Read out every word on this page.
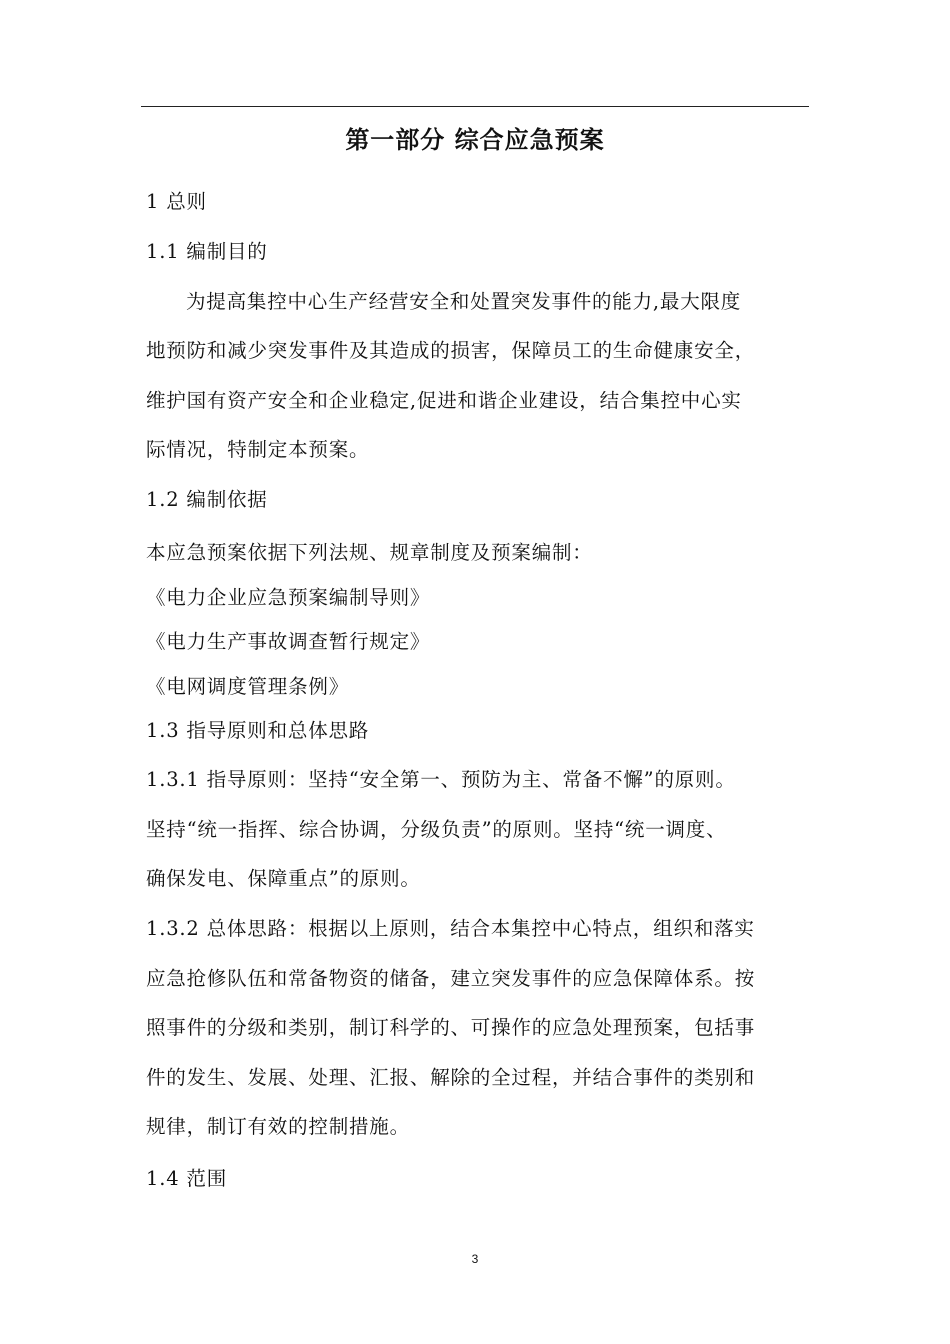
第一部分 综合应急预案
1 总则
1.1 编制目的
为提高集控中心生产经营安全和处置突发事件的能力,最大限度
地预防和减少突发事件及其造成的损害，保障员工的生命健康安全，
维护国有资产安全和企业稳定,促进和谐企业建设，结合集控中心实
际情况，特制定本预案。
1.2 编制依据
本应急预案依据下列法规、规章制度及预案编制：
《电力企业应急预案编制导则》
《电力生产事故调查暂行规定》
《电网调度管理条例》
1.3 指导原则和总体思路
1.3.1 指导原则：坚持“安全第一、预防为主、常备不懈”的原则。
坚持“统一指挥、综合协调，分级负责”的原则。坚持“统一调度、
确保发电、保障重点”的原则。
1.3.2 总体思路：根据以上原则，结合本集控中心特点，组织和落实
应急抢修队伍和常备物资的储备，建立突发事件的应急保障体系。按
照事件的分级和类别，制订科学的、可操作的应急处理预案，包括事
件的发生、发展、处理、汇报、解除的全过程，并结合事件的类别和
规律，制订有效的控制措施。
1.4 范围
3
